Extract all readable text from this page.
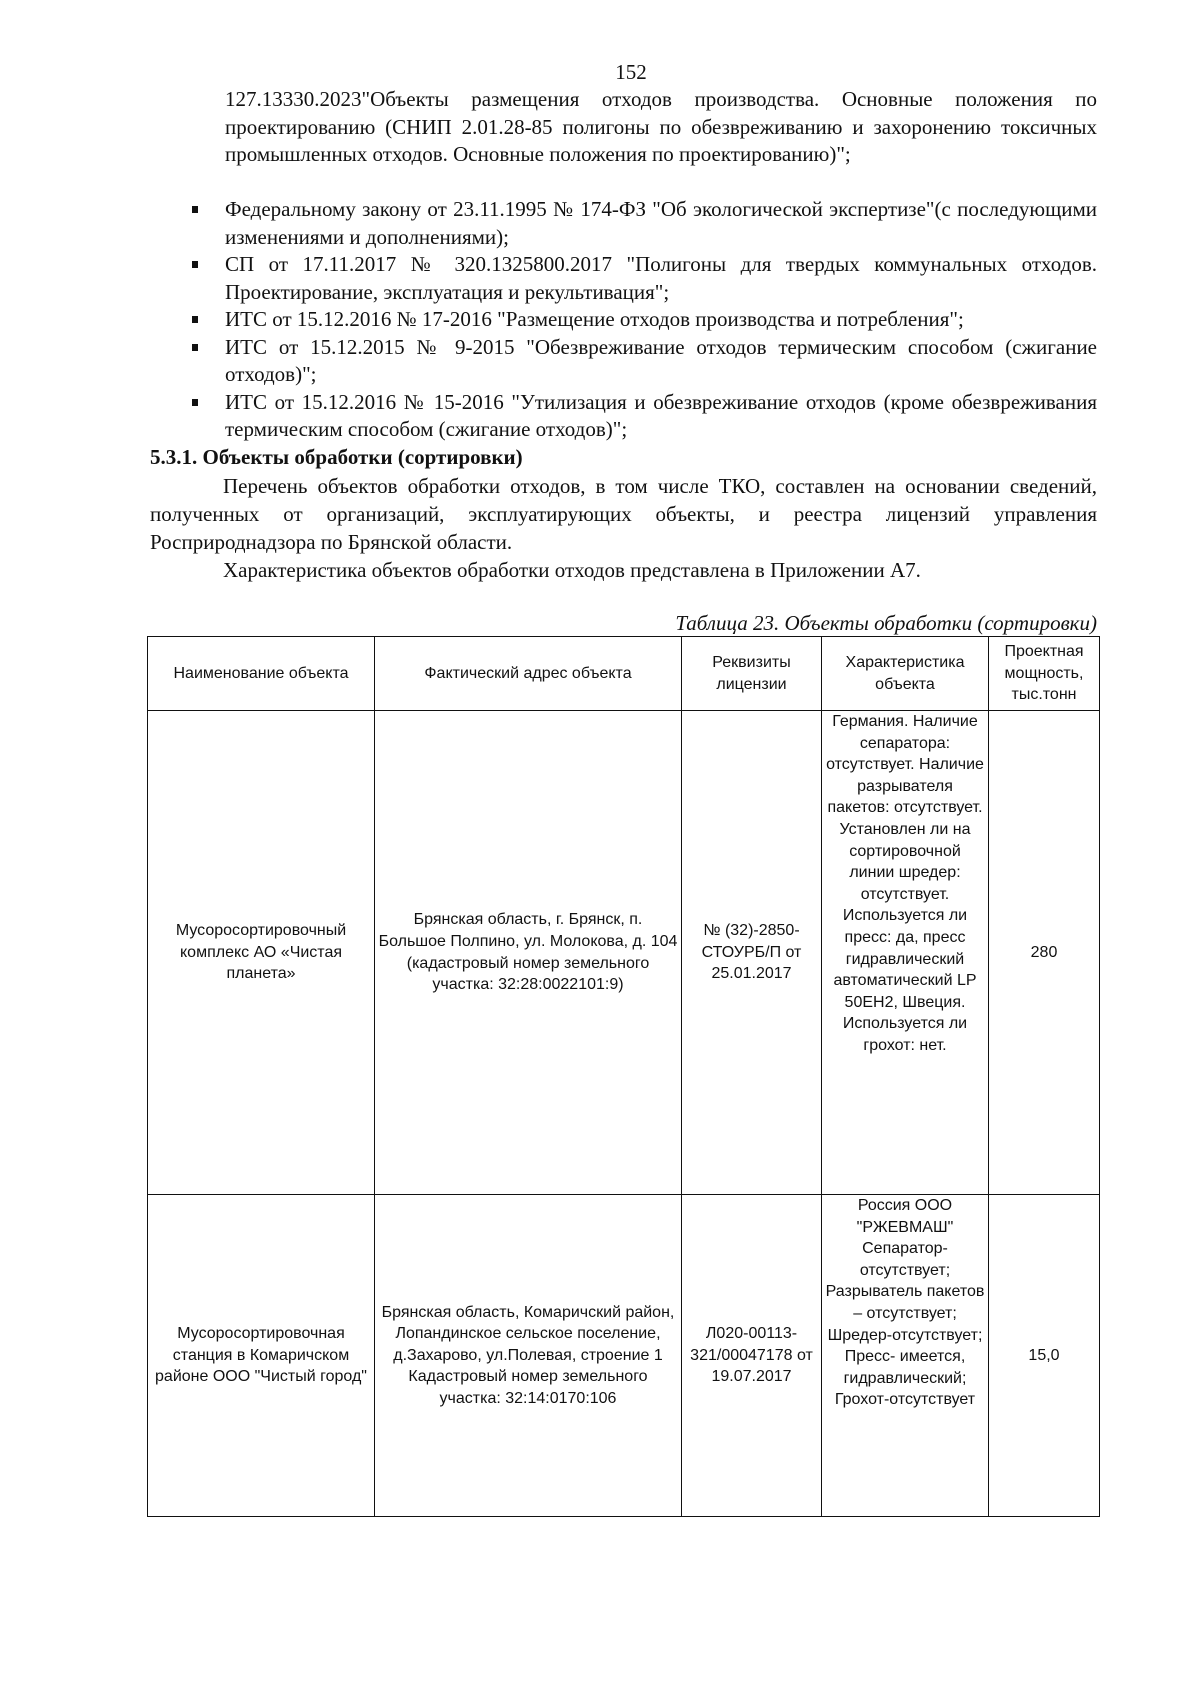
152
127.13330.2023"Объекты размещения отходов производства. Основные положения по проектированию (СНИП 2.01.28-85 полигоны по обезвреживанию и захоронению токсичных промышленных отходов. Основные положения по проектированию)";
Федеральному закону от 23.11.1995 № 174-ФЗ "Об экологической экспертизе"(с последующими изменениями и дополнениями);
СП от 17.11.2017 № 320.1325800.2017 "Полигоны для твердых коммунальных отходов. Проектирование, эксплуатация и рекультивация";
ИТС от 15.12.2016 № 17-2016 "Размещение отходов производства и потребления";
ИТС от 15.12.2015 № 9-2015 "Обезвреживание отходов термическим способом (сжигание отходов)";
ИТС от 15.12.2016 № 15-2016 "Утилизация и обезвреживание отходов (кроме обезвреживания термическим способом (сжигание отходов)";
5.3.1. Объекты обработки (сортировки)
Перечень объектов обработки отходов, в том числе ТКО, составлен на основании сведений, полученных от организаций, эксплуатирующих объекты, и реестра лицензий управления Росприроднадзора по Брянской области.
Характеристика объектов обработки отходов представлена в Приложении А7.
Таблица 23. Объекты обработки (сортировки)
Наименование объекта	Фактический адрес объекта	Реквизиты лицензии	Характеристика объекта	Проектная мощность, тыс.тонн
Мусоросортировочный комплекс АО «Чистая планета»	Брянская область, г. Брянск, п. Большое Полпино, ул. Молокова, д. 104 (кадастровый номер земельного участка: 32:28:0022101:9)	№ (32)-2850-СТОУРБ/П от 25.01.2017	Германия. Наличие сепаратора: отсутствует. Наличие разрывателя пакетов: отсутствует. Установлен ли на сортировочной линии шредер: отсутствует. Используется ли пресс: да, пресс гидравлический автоматический LP 50EH2, Швеция. Используется ли грохот: нет.	280
Мусоросортировочная станция в Комаричском районе ООО "Чистый город"	Брянская область, Комаричский район, Лопандинское сельское поселение, д.Захарово, ул.Полевая, строение 1 Кадастровый номер земельного участка: 32:14:0170:106	Л020-00113-321/00047178 от 19.07.2017	Россия ООО "РЖЕВМАШ" Сепаратор-отсутствует; Разрыватель пакетов – отсутствует; Шредер-отсутствует; Пресс- имеется, гидравлический; Грохот-отсутствует	15,0
